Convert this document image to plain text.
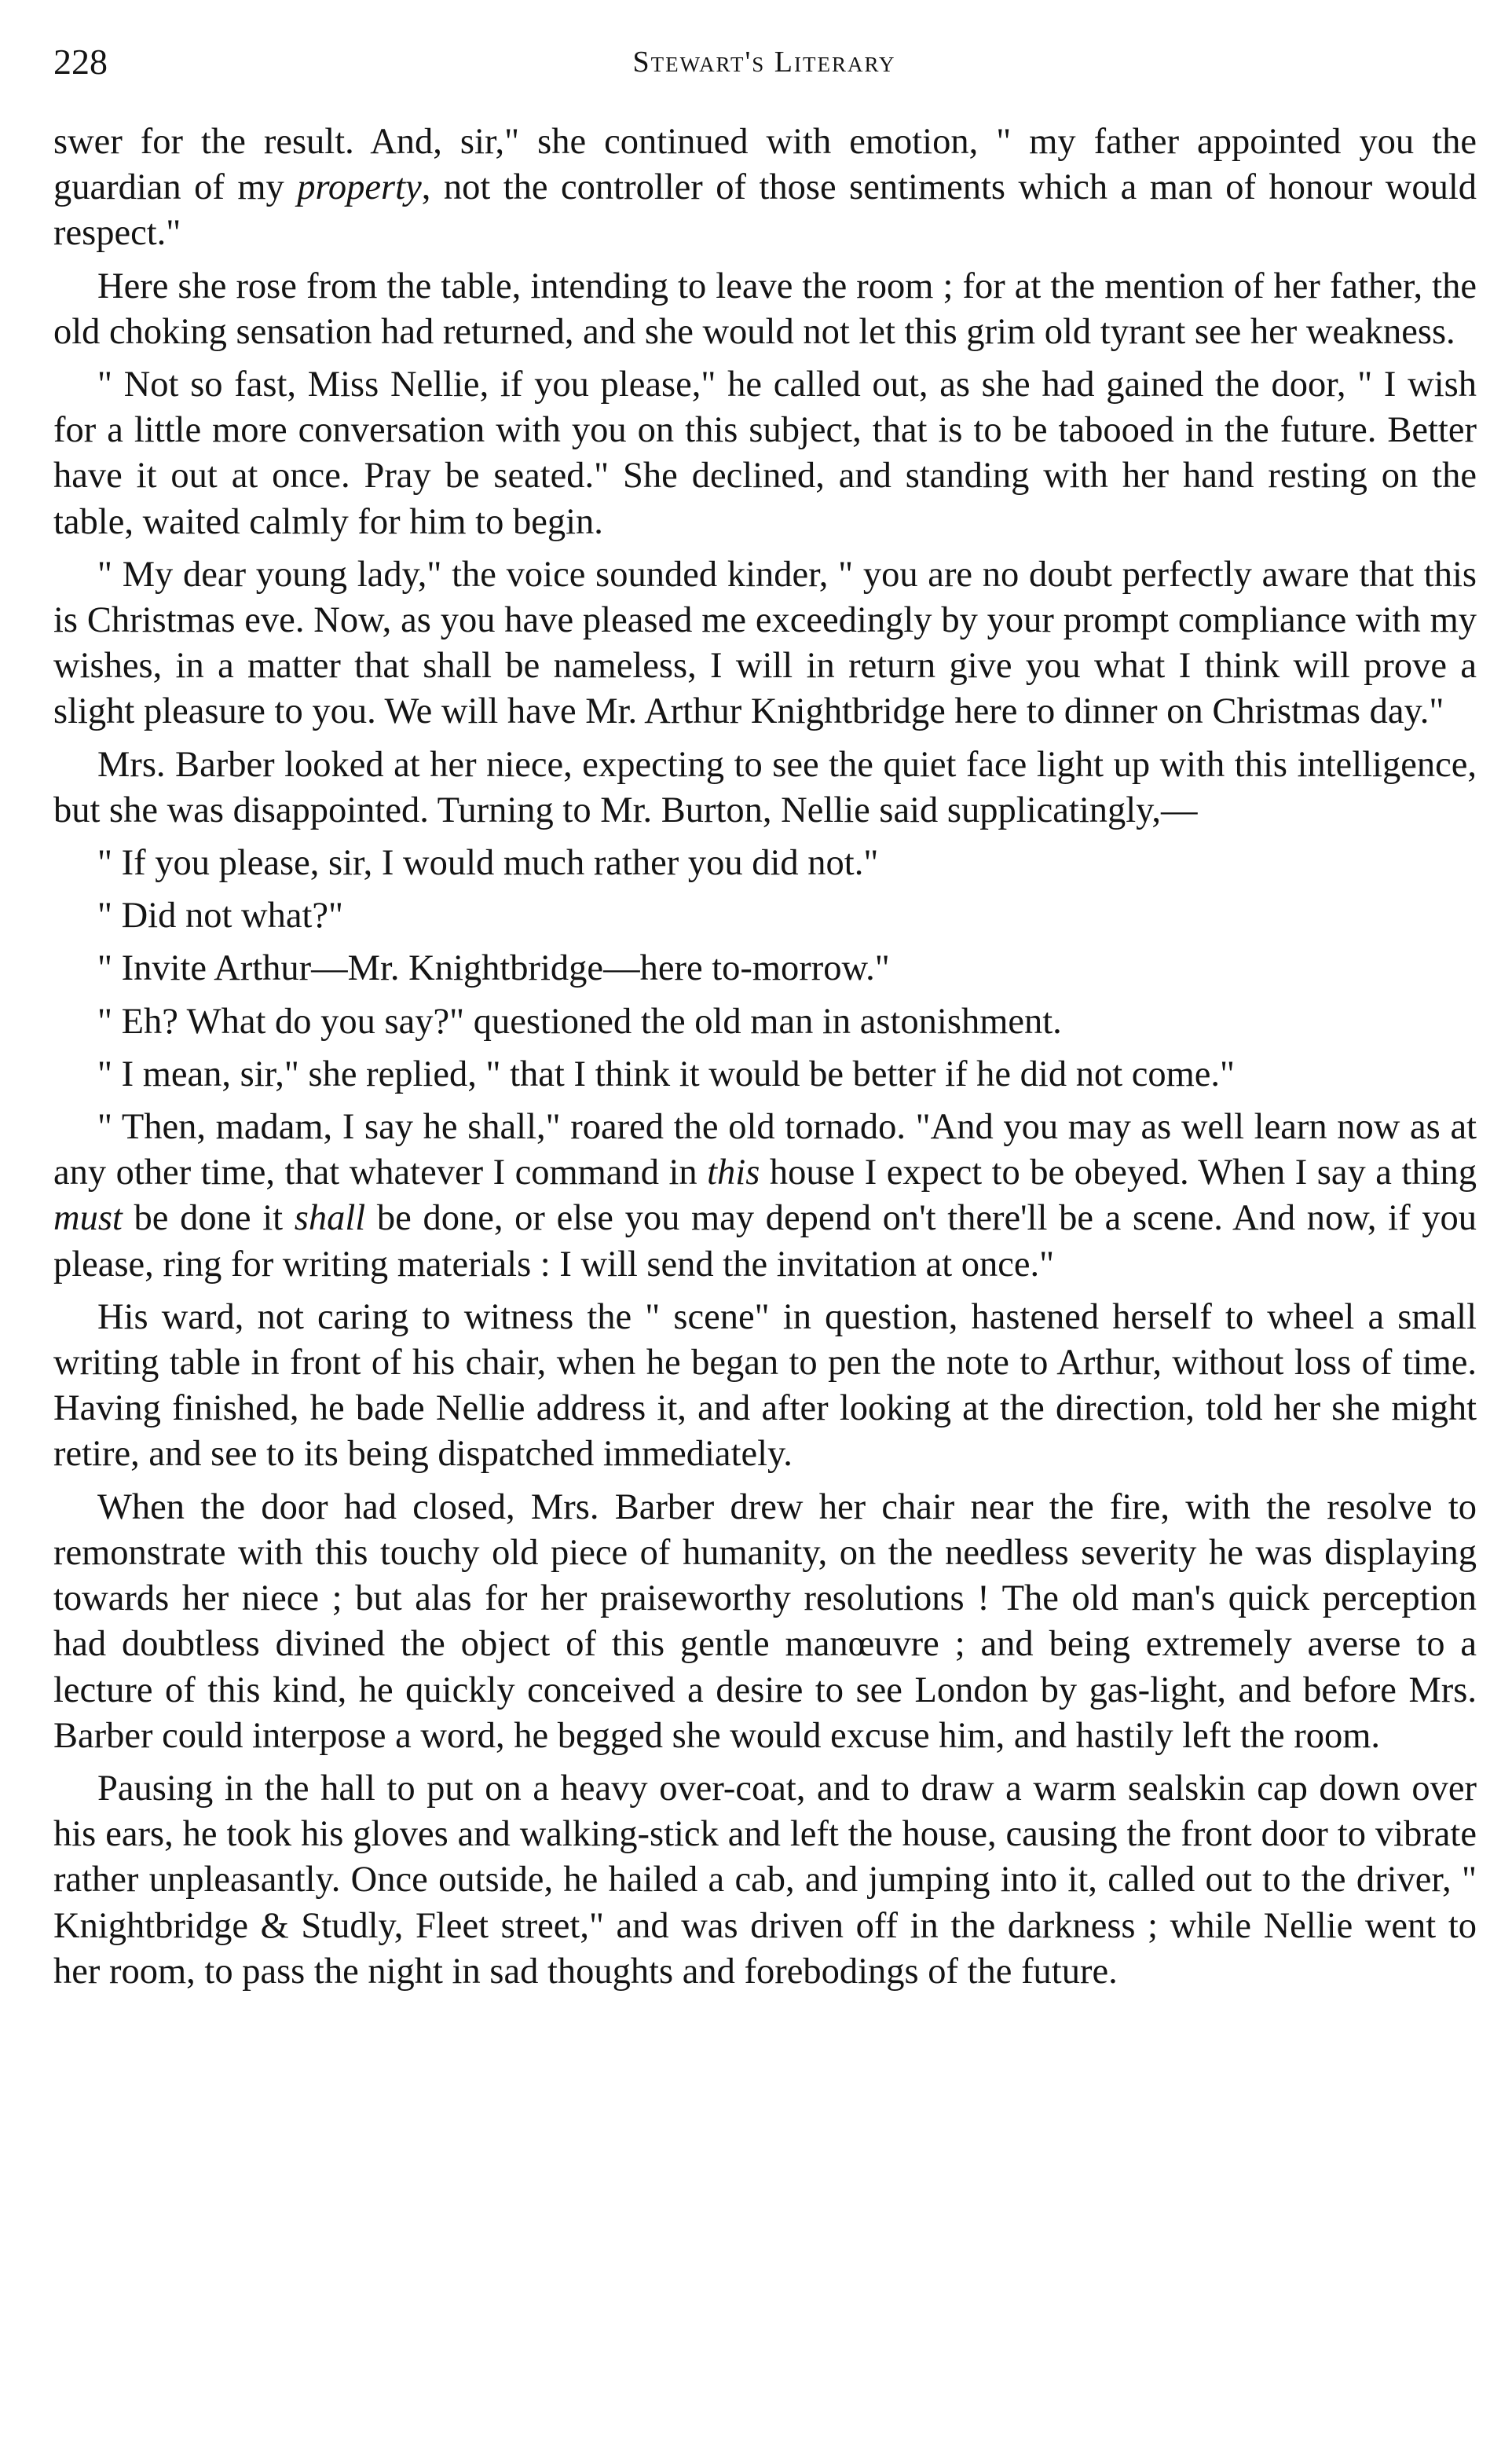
228	Stewart's Literary

swer for the result. And, sir," she continued with emotion, " my father appointed you the guardian of my property, not the controller of those sentiments which a man of honour would respect."

Here she rose from the table, intending to leave the room ; for at the mention of her father, the old choking sensation had returned, and she would not let this grim old tyrant see her weakness.

" Not so fast, Miss Nellie, if you please," he called out, as she had gained the door, " I wish for a little more conversation with you on this subject, that is to be tabooed in the future. Better have it out at once. Pray be seated." She declined, and standing with her hand resting on the table, waited calmly for him to begin.

" My dear young lady," the voice sounded kinder, " you are no doubt perfectly aware that this is Christmas eve. Now, as you have pleased me exceedingly by your prompt compliance with my wishes, in a matter that shall be nameless, I will in return give you what I think will prove a slight pleasure to you. We will have Mr. Arthur Knightbridge here to dinner on Christmas day."

Mrs. Barber looked at her niece, expecting to see the quiet face light up with this intelligence, but she was disappointed. Turning to Mr. Burton, Nellie said supplicatingly,—

" If you please, sir, I would much rather you did not."

" Did not what?"

" Invite Arthur—Mr. Knightbridge—here to-morrow."

" Eh? What do you say?" questioned the old man in astonishment.

" I mean, sir," she replied, " that I think it would be better if he did not come."

" Then, madam, I say he shall," roared the old tornado. "And you may as well learn now as at any other time, that whatever I command in this house I expect to be obeyed. When I say a thing must be done it shall be done, or else you may depend on't there'll be a scene. And now, if you please, ring for writing materials : I will send the invitation at once."

His ward, not caring to witness the " scene" in question, hastened herself to wheel a small writing table in front of his chair, when he began to pen the note to Arthur, without loss of time. Having finished, he bade Nellie address it, and after looking at the direction, told her she might retire, and see to its being dispatched immediately.

When the door had closed, Mrs. Barber drew her chair near the fire, with the resolve to remonstrate with this touchy old piece of humanity, on the needless severity he was displaying towards her niece ; but alas for her praiseworthy resolutions ! The old man's quick perception had doubtless divined the object of this gentle manœuvre ; and being extremely averse to a lecture of this kind, he quickly conceived a desire to see London by gas-light, and before Mrs. Barber could interpose a word, he begged she would excuse him, and hastily left the room.

Pausing in the hall to put on a heavy over-coat, and to draw a warm sealskin cap down over his ears, he took his gloves and walking-stick and left the house, causing the front door to vibrate rather unpleasantly. Once outside, he hailed a cab, and jumping into it, called out to the driver, " Knightbridge & Studly, Fleet street," and was driven off in the darkness ; while Nellie went to her room, to pass the night in sad thoughts and forebodings of the future.
